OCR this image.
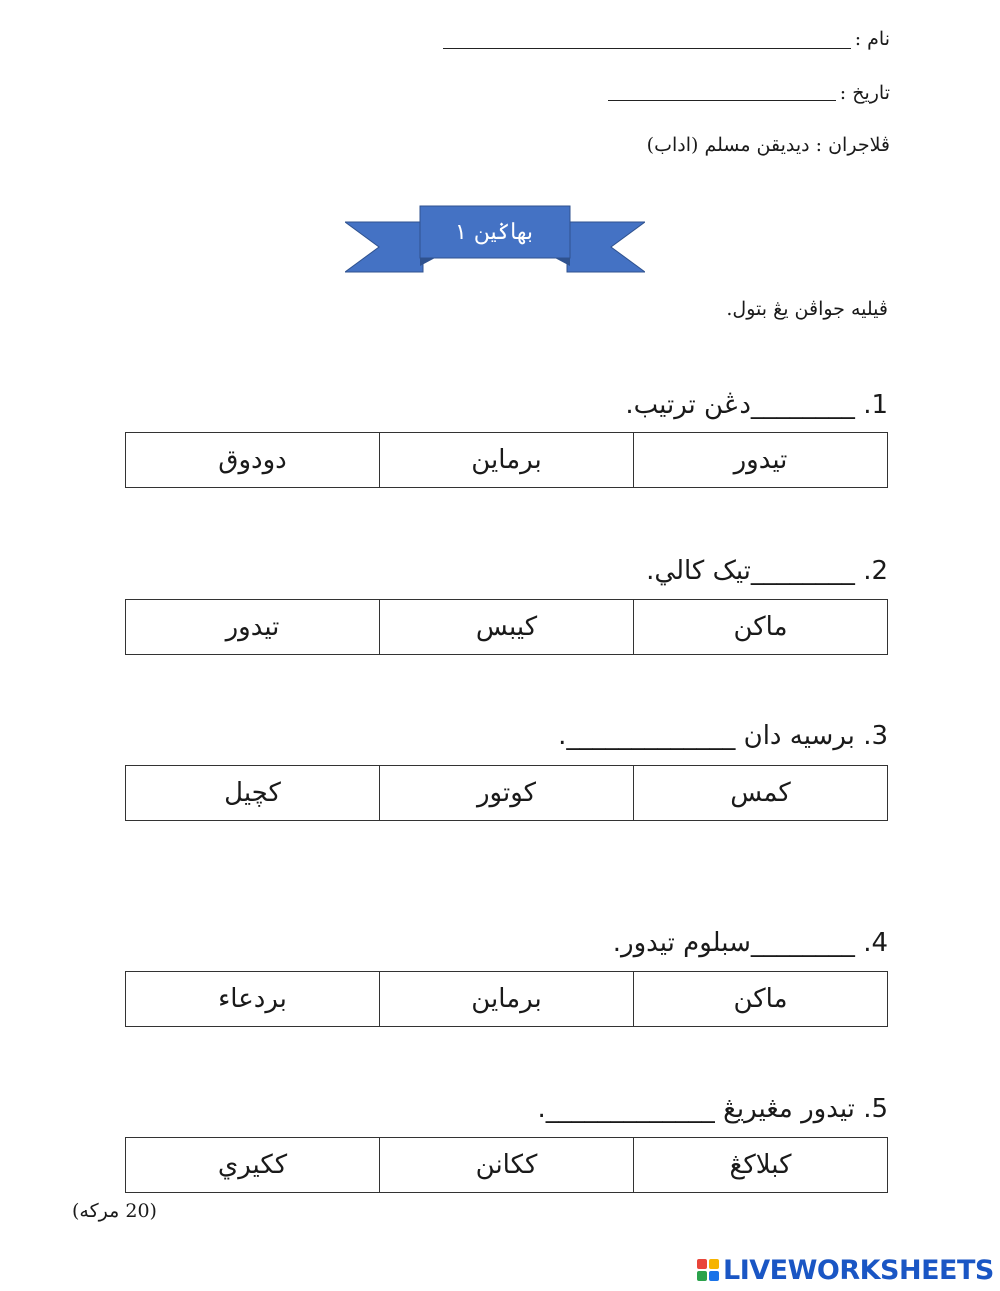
نام :
تاريخ :
ڤلاجران : ديديقن مسلم (اداب)
بهاݢين ١
ڤيليه جواڤن يڠ بتول.
1. ________دڠن ترتيب.
تيدور	برماين	دودوق
2. ________تيک کالي.
ماکن	کيبس	تيدور
3. برسيه دان _____________.
کمس	کوتور	کچيل
4. ________سبلوم تيدور.
ماکن	برماين	بردعاء
5. تيدور مڠيريڠ _____________.
کبلاکڠ	ککانن	ککيري
(20 مرکه)
LIVEWORKSHEETS
